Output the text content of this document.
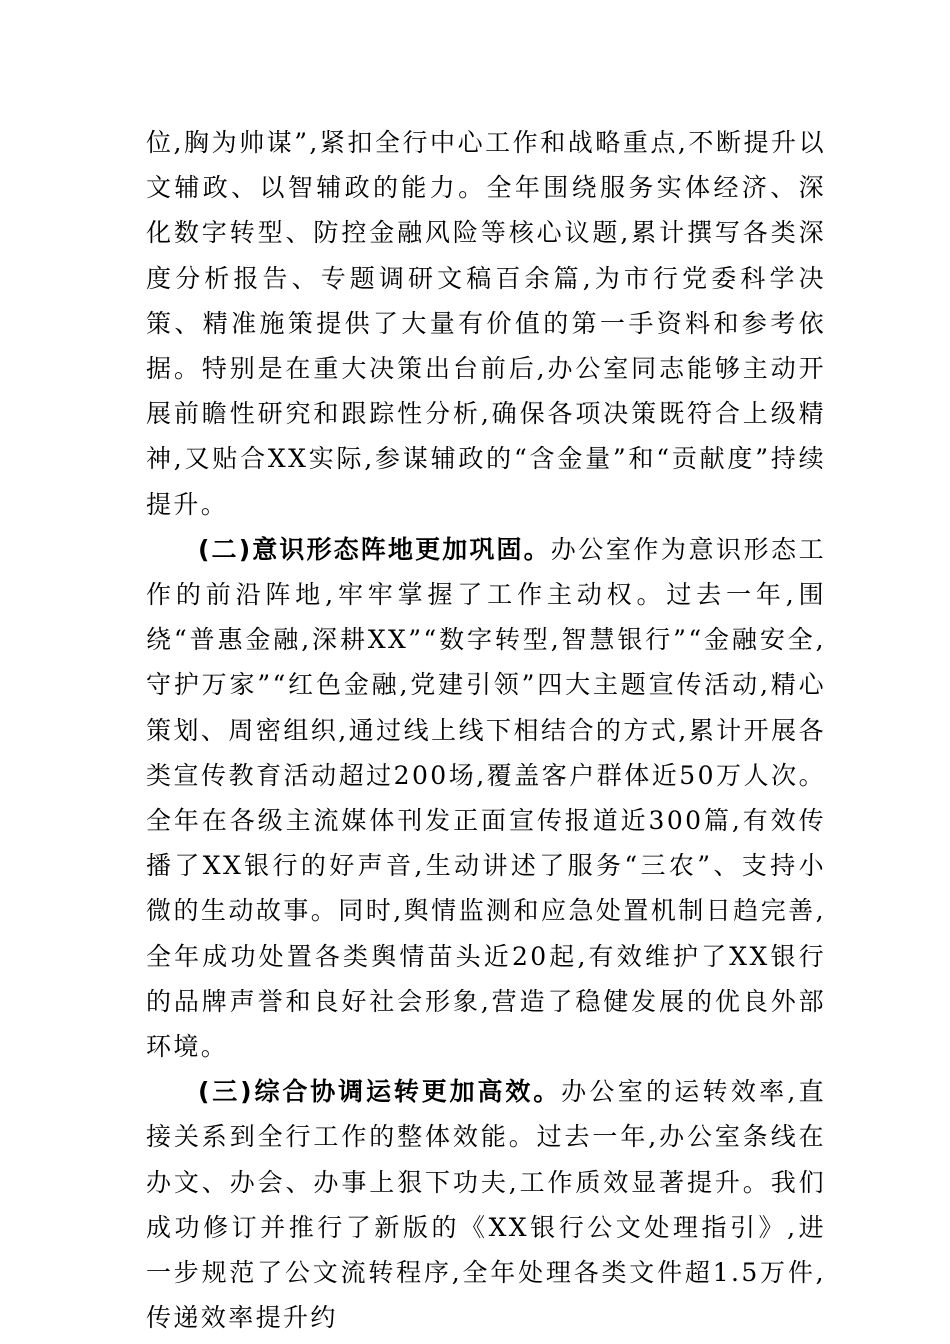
位,胸为帅谋”,紧扣全行中心工作和战略重点,不断提升以文辅政、以智辅政的能力。全年围绕服务实体经济、深化数字转型、防控金融风险等核心议题,累计撰写各类深度分析报告、专题调研文稿百余篇,为市行党委科学决策、精准施策提供了大量有价值的第一手资料和参考依据。特别是在重大决策出台前后,办公室同志能够主动开展前瞻性研究和跟踪性分析,确保各项决策既符合上级精神,又贴合XX实际,参谋辅政的“含金量”和“贡献度”持续提升。

(二)意识形态阵地更加巩固。办公室作为意识形态工作的前沿阵地,牢牢掌握了工作主动权。过去一年,围绕“普惠金融,深耕XX”“数字转型,智慧银行”“金融安全,守护万家”“红色金融,党建引领”四大主题宣传活动,精心策划、周密组织,通过线上线下相结合的方式,累计开展各类宣传教育活动超过200场,覆盖客户群体近50万人次。全年在各级主流媒体刊发正面宣传报道近300篇,有效传播了XX银行的好声音,生动讲述了服务“三农”、支持小微的生动故事。同时,舆情监测和应急处置机制日趋完善,全年成功处置各类舆情苗头近20起,有效维护了XX银行的品牌声誉和良好社会形象,营造了稳健发展的优良外部环境。

(三)综合协调运转更加高效。办公室的运转效率,直接关系到全行工作的整体效能。过去一年,办公室条线在办文、办会、办事上狠下功夫,工作质效显著提升。我们成功修订并推行了新版的《XX银行公文处理指引》,进一步规范了公文流转程序,全年处理各类文件超1.5万件,传递效率提升约
